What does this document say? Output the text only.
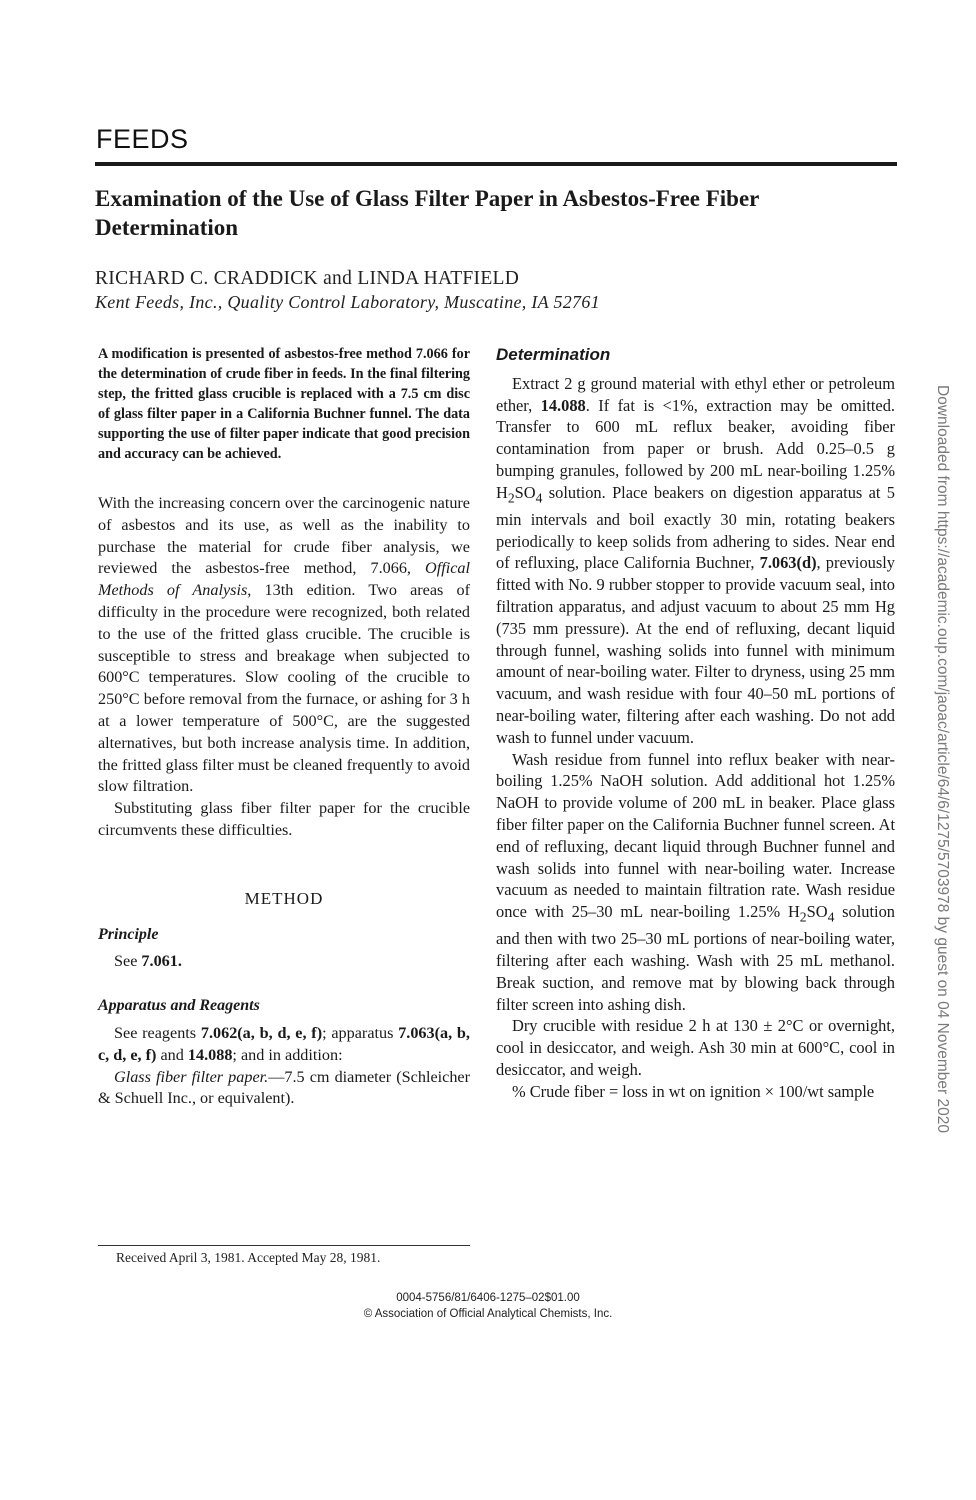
FEEDS
Examination of the Use of Glass Filter Paper in Asbestos-Free Fiber Determination
RICHARD C. CRADDICK and LINDA HATFIELD
Kent Feeds, Inc., Quality Control Laboratory, Muscatine, IA 52761

A modification is presented of asbestos-free method 7.066 for the determination of crude fiber in feeds. In the final filtering step, the fritted glass crucible is replaced with a 7.5 cm disc of glass filter paper in a California Buchner funnel. The data supporting the use of filter paper indicate that good precision and accuracy can be achieved.

With the increasing concern over the carcinogenic nature of asbestos and its use, as well as the inability to purchase the material for crude fiber analysis, we reviewed the asbestos-free method, 7.066, Offical Methods of Analysis, 13th edition. Two areas of difficulty in the procedure were recognized, both related to the use of the fritted glass crucible. The crucible is susceptible to stress and breakage when subjected to 600°C temperatures. Slow cooling of the crucible to 250°C before removal from the furnace, or ashing for 3 h at a lower temperature of 500°C, are the suggested alternatives, but both increase analysis time. In addition, the fritted glass filter must be cleaned frequently to avoid slow filtration.

Substituting glass fiber filter paper for the crucible circumvents these difficulties.

METHOD
Principle

See 7.061.

Apparatus and Reagents

See reagents 7.062(a, b, d, e, f); apparatus 7.063(a, b, c, d, e, f) and 14.088; and in addition:

Glass fiber filter paper.—7.5 cm diameter (Schleicher & Schuell Inc., or equivalent).

Determination

Extract 2 g ground material with ethyl ether or petroleum ether, 14.088. If fat is <1%, extraction may be omitted. Transfer to 600 mL reflux beaker, avoiding fiber contamination from paper or brush. Add 0.25–0.5 g bumping granules, followed by 200 mL near-boiling 1.25% $H_2SO_4$ solution. Place beakers on digestion apparatus at 5 min intervals and boil exactly 30 min, rotating beakers periodically to keep solids from adhering to sides. Near end of refluxing, place California Buchner, 7.063(d), previously fitted with No. 9 rubber stopper to provide vacuum seal, into filtration apparatus, and adjust vacuum to about 25 mm Hg (735 mm pressure). At the end of refluxing, decant liquid through funnel, washing solids into funnel with minimum amount of near-boiling water. Filter to dryness, using 25 mm vacuum, and wash residue with four 40–50 mL portions of near-boiling water, filtering after each washing. Do not add wash to funnel under vacuum.

Wash residue from funnel into reflux beaker with near-boiling 1.25% NaOH solution. Add additional hot 1.25% NaOH to provide volume of 200 mL in beaker. Place glass fiber filter paper on the California Buchner funnel screen. At end of refluxing, decant liquid through Buchner funnel and wash solids into funnel with near-boiling water. Increase vacuum as needed to maintain filtration rate. Wash residue once with 25–30 mL near-boiling 1.25% $H_2SO_4$ solution and then with two 25–30 mL portions of near-boiling water, filtering after each washing. Wash with 25 mL methanol. Break suction, and remove mat by blowing back through filter screen into ashing dish.

Dry crucible with residue 2 h at 130 ± 2°C or overnight, cool in desiccator, and weigh. Ash 30 min at 600°C, cool in desiccator, and weigh.

% Crude fiber = loss in wt on ignition × 100/wt sample

Received April 3, 1981. Accepted May 28, 1981.
0004-5756/81/6406-1275–02$01.00
© Association of Official Analytical Chemists, Inc.
Downloaded from https://academic.oup.com/jaoac/article/64/6/1275/5703978 by guest on 04 November 2020
